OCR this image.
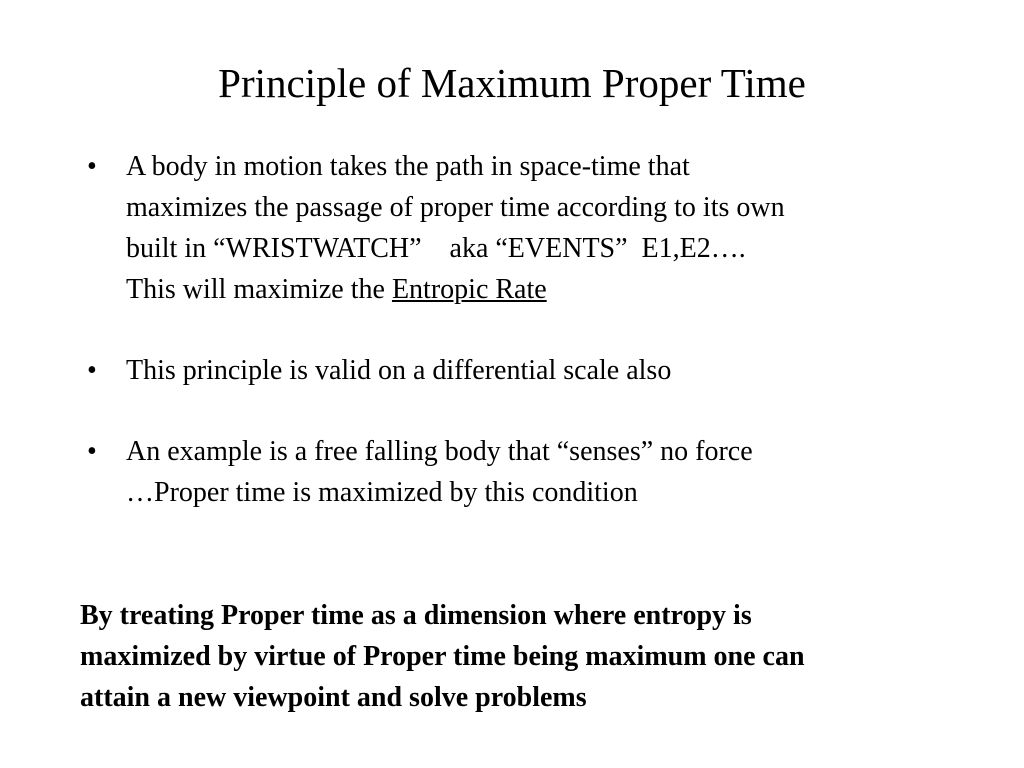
Principle of Maximum Proper Time
• A body in motion takes the path in space-time that
maximizes the passage of proper time according to its own
built in “WRISTWATCH”    aka “EVENTS”  E1,E2….
This will maximize the Entropic Rate
• This principle is valid on a differential scale also
• An example is a free falling body that “senses” no force
…Proper time is maximized by this condition
By treating Proper time as a dimension where entropy is
maximized by virtue of Proper time being maximum one can
attain a new viewpoint and solve problems
